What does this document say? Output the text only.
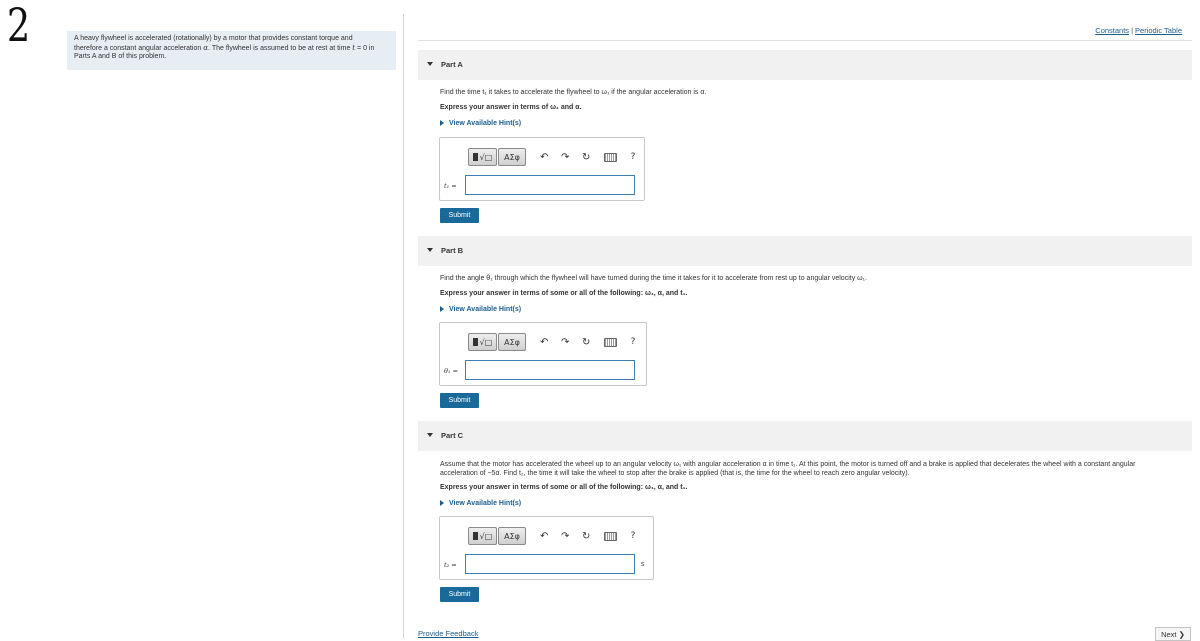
2	A heavy flywheel is accelerated (rotationally) by a motor that provides constant torque and
therefore a constant angular acceleration α. The flywheel is assumed to be at rest at time t = 0 in
Parts A and B of this problem.
Constants | Periodic Table
Part A
Find the time t₁ it takes to accelerate the flywheel to ω₁ if the angular acceleration is α.
Express your answer in terms of ω₁ and α.
View Available Hint(s)
√□	ΑΣφ	↶ ↷ ↻	?
t₁ =
Submit
Part B
Find the angle θ₁ through which the flywheel will have turned during the time it takes for it to accelerate from rest up to angular velocity ω₁.
Express your answer in terms of some or all of the following: ω₁, α, and t₁.
View Available Hint(s)
√□	ΑΣφ	↶ ↷ ↻	?
θ₁ =
Submit
Part C
Assume that the motor has accelerated the wheel up to an angular velocity ω₁ with angular acceleration α in time t₁. At this point, the motor is turned off and a brake is applied that decelerates the wheel with a constant angular acceleration of −5α. Find t₂, the time it will take the wheel to stop after the brake is applied (that is, the time for the wheel to reach zero angular velocity).
Express your answer in terms of some or all of the following: ω₁, α, and t₁.
View Available Hint(s)
√□	ΑΣφ	↶ ↷ ↻	?
t₂ =	s
Submit
Provide Feedback	Next ❯
